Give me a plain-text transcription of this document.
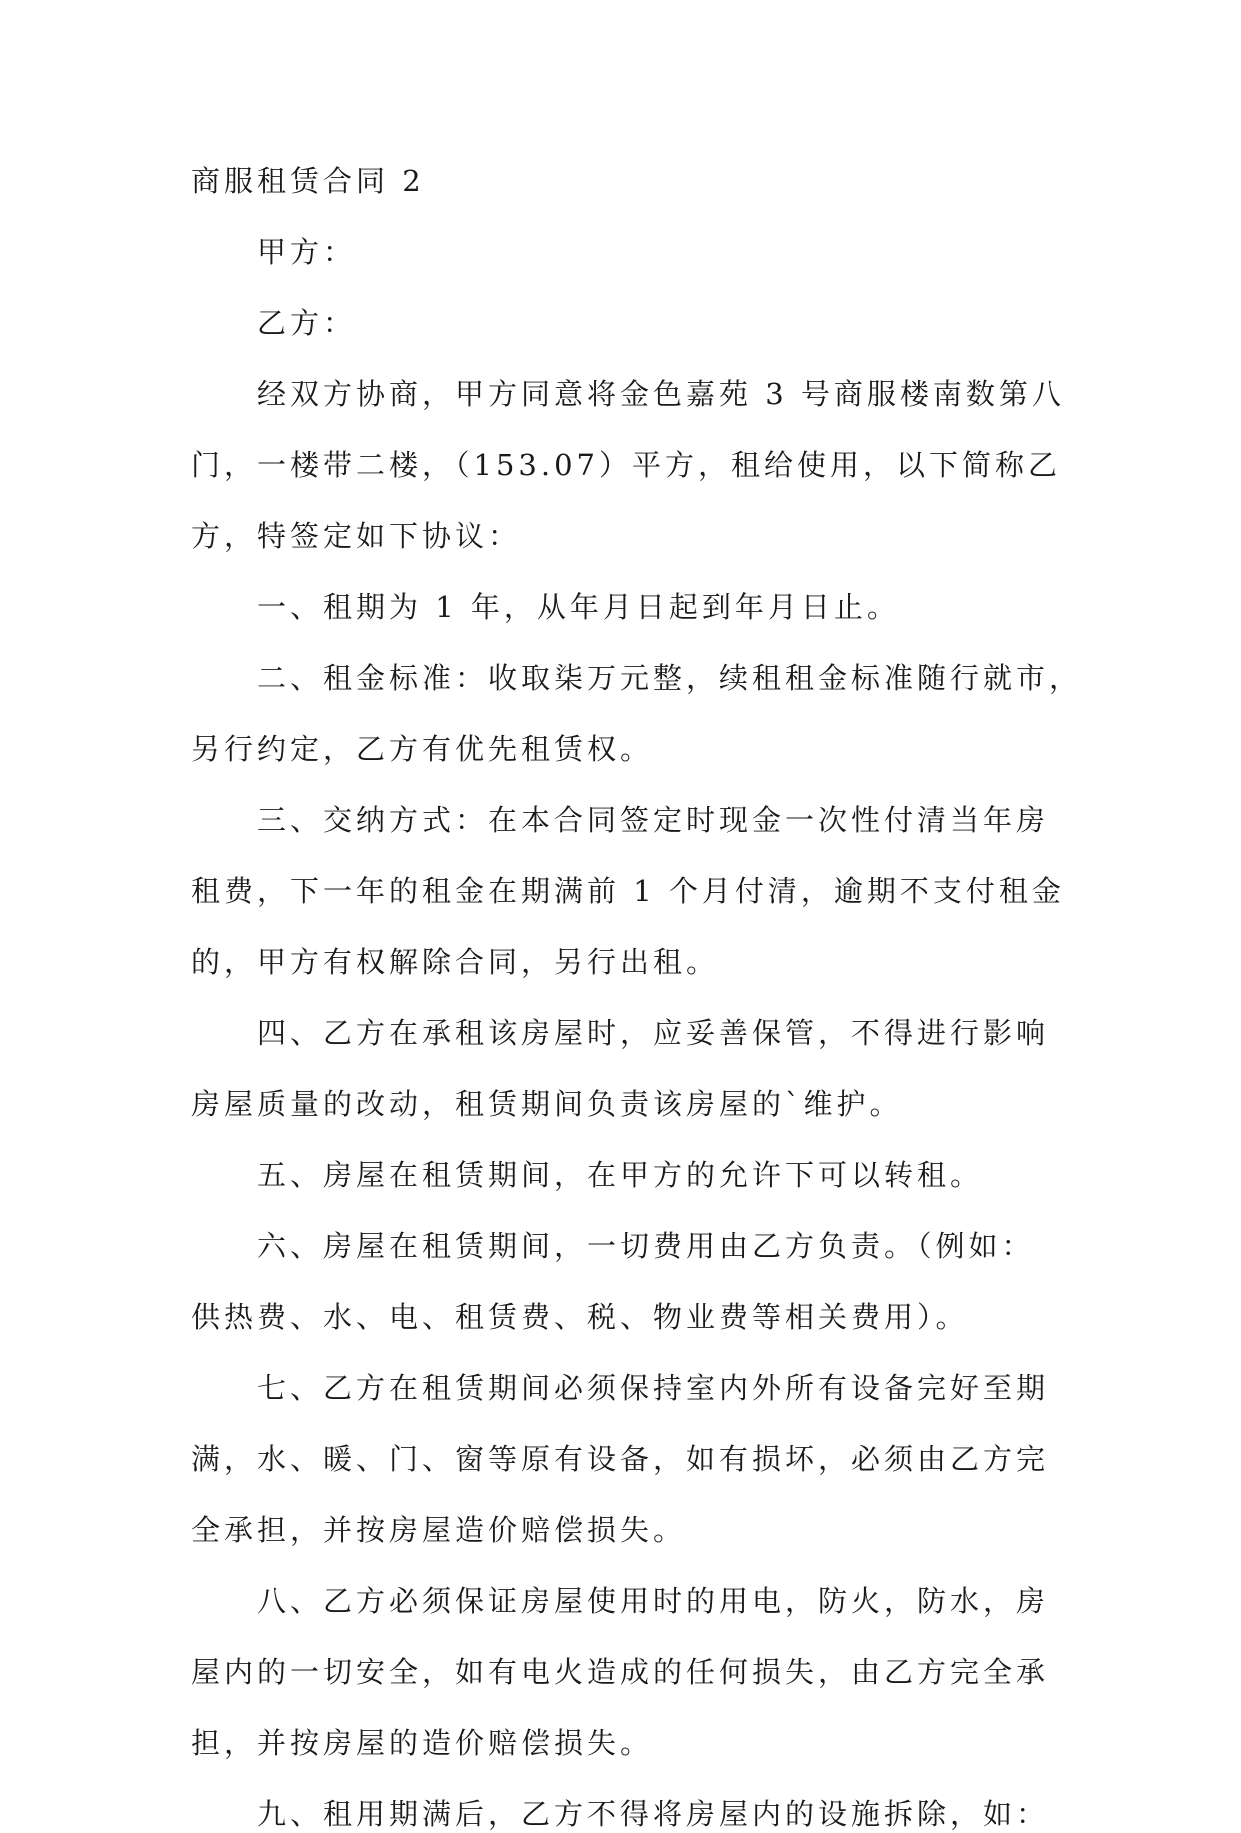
商服租赁合同 2

甲方：

乙方：

经双方协商，甲方同意将金色嘉苑 3 号商服楼南数第八

门，一楼带二楼，（153.07）平方，租给使用，以下简称乙

方，特签定如下协议：

一、租期为 1 年，从年月日起到年月日止。

二、租金标准：收取柒万元整，续租租金标准随行就市，

另行约定，乙方有优先租赁权。

三、交纳方式：在本合同签定时现金一次性付清当年房

租费，下一年的租金在期满前 1 个月付清，逾期不支付租金

的，甲方有权解除合同，另行出租。

四、乙方在承租该房屋时，应妥善保管，不得进行影响

房屋质量的改动，租赁期间负责该房屋的`维护。

五、房屋在租赁期间，在甲方的允许下可以转租。

六、房屋在租赁期间，一切费用由乙方负责。（例如：

供热费、水、电、租赁费、税、物业费等相关费用）。

七、乙方在租赁期间必须保持室内外所有设备完好至期

满，水、暖、门、窗等原有设备，如有损坏，必须由乙方完

全承担，并按房屋造价赔偿损失。

八、乙方必须保证房屋使用时的用电，防火，防水，房

屋内的一切安全，如有电火造成的任何损失，由乙方完全承

担，并按房屋的造价赔偿损失。

九、租用期满后，乙方不得将房屋内的设施拆除，如：
